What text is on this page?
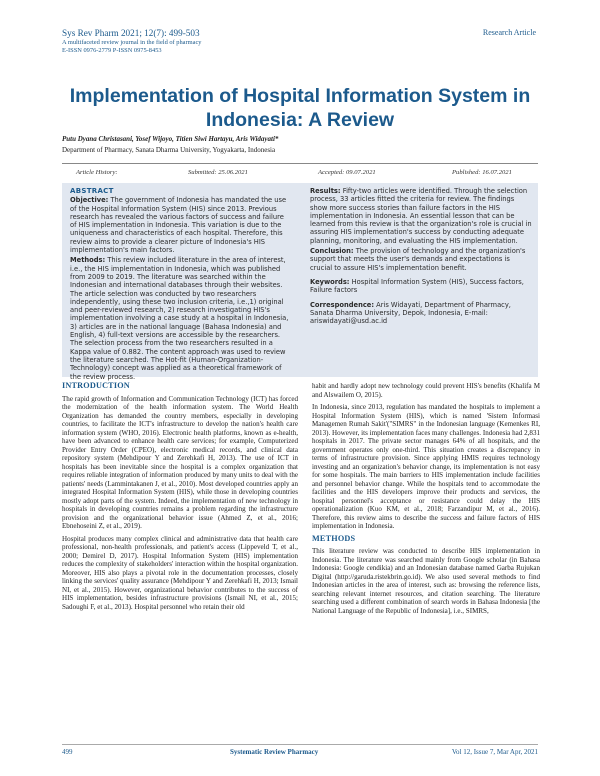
Sys Rev Pharm 2021; 12(7): 499-503
A multifaceted review journal in the field of pharmacy
E-ISSN 0976-2779 P-ISSN 0975-8453
Research Article
Implementation of Hospital Information System in Indonesia: A Review
Putu Dyana Christasani, Yosef Wijoyo, Titien Siwi Hartayu, Aris Widayati*
Department of Pharmacy, Sanata Dharma University, Yogyakarta, Indonesia
Article History:	Submitted: 25.06.2021	Accepted: 09.07.2021	Published: 16.07.2021

ABSTRACT

Objective: The government of Indonesia has mandated the use of the Hospital Information System (HIS) since 2013. Previous research has revealed the various factors of success and failure of HIS implementation in Indonesia. This variation is due to the uniqueness and characteristics of each hospital. Therefore, this review aims to provide a clearer picture of Indonesia's HIS implementation's main factors.

Methods: This review included literature in the area of interest, i.e., the HIS implementation in Indonesia, which was published from 2009 to 2019. The literature was searched within the Indonesian and international databases through their websites. The article selection was conducted by two researchers independently, using these two inclusion criteria, i.e.,1) original and peer-reviewed research, 2) research investigating HIS's implementation involving a case study at a hospital in Indonesia, 3) articles are in the national language (Bahasa Indonesia) and English, 4) full-text versions are accessible by the researchers. The selection process from the two researchers resulted in a Kappa value of 0.882. The content approach was used to review the literature searched. The Hot-fit (Human-Organization-Technology) concept was applied as a theoretical framework of the review process.

Results: Fifty-two articles were identified. Through the selection process, 33 articles fitted the criteria for review. The findings show more success stories than failure factors in the HIS implementation in Indonesia. An essential lesson that can be learned from this review is that the organization's role is crucial in assuring HIS implementation's success by conducting adequate planning, monitoring, and evaluating the HIS implementation.

Conclusion: The provision of technology and the organization's support that meets the user's demands and expectations is crucial to assure HIS's implementation benefit.

Keywords: Hospital Information System (HIS), Success factors, Failure factors

Correspondence: Aris Widayati, Department of Pharmacy, Sanata Dharma University, Depok, Indonesia, E-mail: ariswidayati@usd.ac.id

INTRODUCTION

The rapid growth of Information and Communication Technology (ICT) has forced the modernization of the health information system. The World Health Organization has demanded the country members, especially in developing countries, to facilitate the ICT's infrastructure to develop the nation's health care information system (WHO, 2016). Electronic health platforms, known as e-health, have been advanced to enhance health care services; for example, Computerized Provider Entry Order (CPEO), electronic medical records, and clinical data repository system (Mehdipour Y and Zerehkafi H, 2013). The use of ICT in hospitals has been inevitable since the hospital is a complex organization that requires reliable integration of information produced by many units to deal with the patients' needs (Lammintakanen J, et al., 2010). Most developed countries apply an integrated Hospital Information System (HIS), while those in developing countries mostly adopt parts of the system. Indeed, the implementation of new technology in hospitals in developing countries remains a problem regarding the infrastructure provision and the organizational behavior issue (Ahmed Z, et al., 2016; Ebnehoseini Z, et al., 2019).

Hospital produces many complex clinical and administrative data that health care professional, non-health professionals, and patient's access (Lippeveld T, et al., 2000; Demirel D, 2017). Hospital Information System (HIS) implementation reduces the complexity of stakeholders' interaction within the hospital organization. Moreover, HIS also plays a pivotal role in the documentation processes, closely linking the services' quality assurance (Mehdipour Y and Zerehkafi H, 2013; Ismail NI, et al., 2015). However, organizational behavior contributes to the success of HIS implementation, besides infrastructure provisions (Ismail NI, et al., 2015; Sadoughi F, et al., 2013). Hospital personnel who retain their old

habit and hardly adopt new technology could prevent HIS's benefits (Khalifa M and Alswailem O, 2015).

In Indonesia, since 2013, regulation has mandated the hospitals to implement a Hospital Information System (HIS), which is named 'Sistem Informasi Managemen Rumah Sakit'("SIMRS" in the Indonesian language (Kemenkes RI, 2013). However, its implementation faces many challenges. Indonesia had 2,831 hospitals in 2017. The private sector manages 64% of all hospitals, and the government operates only one-third. This situation creates a discrepancy in terms of infrastructure provision. Since applying HMIS requires technology investing and an organization's behavior change, its implementation is not easy for some hospitals. The main barriers to HIS implementation include facilities and personnel behavior change. While the hospitals tend to accommodate the facilities and the HIS developers improve their products and services, the hospital personnel's acceptance or resistance could delay the HIS operationalization (Kuo KM, et al., 2018; Farzandipur M, et al., 2016). Therefore, this review aims to describe the success and failure factors of HIS implementation in Indonesia.

METHODS

This literature review was conducted to describe HIS implementation in Indonesia. The literature was searched mainly from Google scholar (in Bahasa Indonesia: Google cendikia) and an Indonesian database named Garba Rujukan Digital (http://garuda.ristekbrin.go.id). We also used several methods to find Indonesian articles in the area of interest, such as: browsing the reference lists, searching relevant internet resources, and citation searching. The literature searching used a different combination of search words in Bahasa Indonesia [the National Language of the Republic of Indonesia], i.e., SIMRS,

499	Systematic Review Pharmacy	Vol 12, Issue 7, Mar Apr, 2021
